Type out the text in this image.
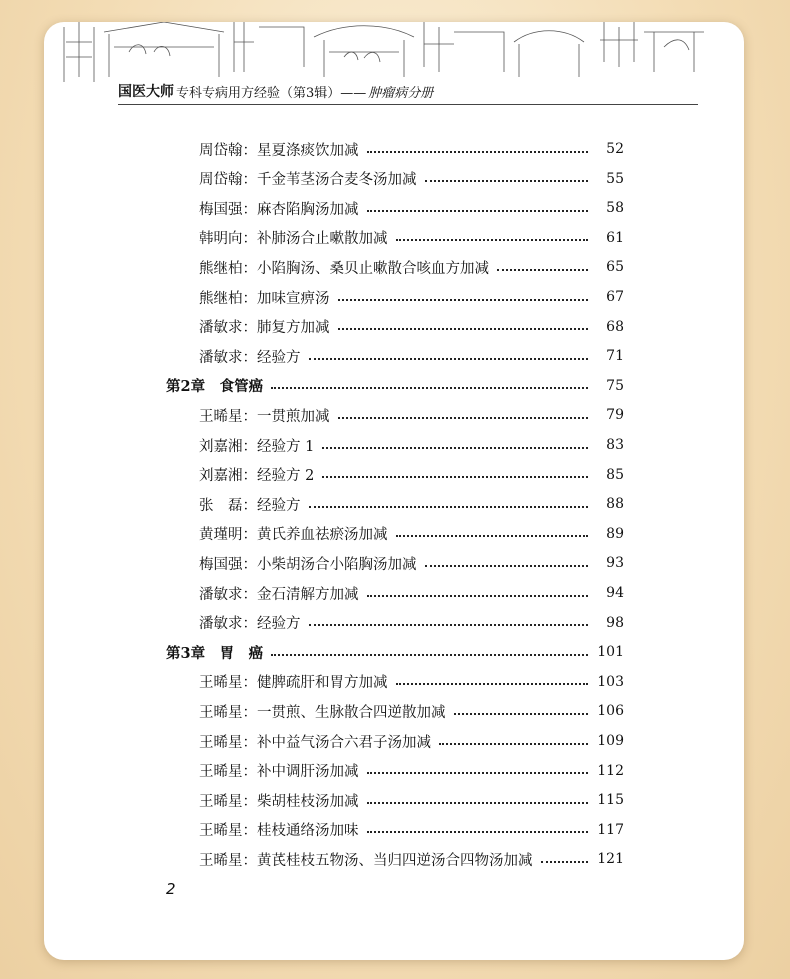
国医大师 专科专病用方经验（第3辑）—— 肿瘤病分册
周岱翰：星夏涤痰饮加减	52
周岱翰：千金苇茎汤合麦冬汤加减	55
梅国强：麻杏陷胸汤加减	58
韩明向：补肺汤合止嗽散加减	61
熊继柏：小陷胸汤、桑贝止嗽散合咳血方加减	65
熊继柏：加味宣痹汤	67
潘敏求：肺复方加减	68
潘敏求：经验方	71
第2章　食管癌	75
王晞星：一贯煎加减	79
刘嘉湘：经验方 1	83
刘嘉湘：经验方 2	85
张　磊：经验方	88
黄瑾明：黄氏养血祛瘀汤加减	89
梅国强：小柴胡汤合小陷胸汤加减	93
潘敏求：金石清解方加减	94
潘敏求：经验方	98
第3章　胃　癌	101
王晞星：健脾疏肝和胃方加减	103
王晞星：一贯煎、生脉散合四逆散加减	106
王晞星：补中益气汤合六君子汤加减	109
王晞星：补中调肝汤加减	112
王晞星：柴胡桂枝汤加减	115
王晞星：桂枝通络汤加味	117
王晞星：黄芪桂枝五物汤、当归四逆汤合四物汤加减	121
2
